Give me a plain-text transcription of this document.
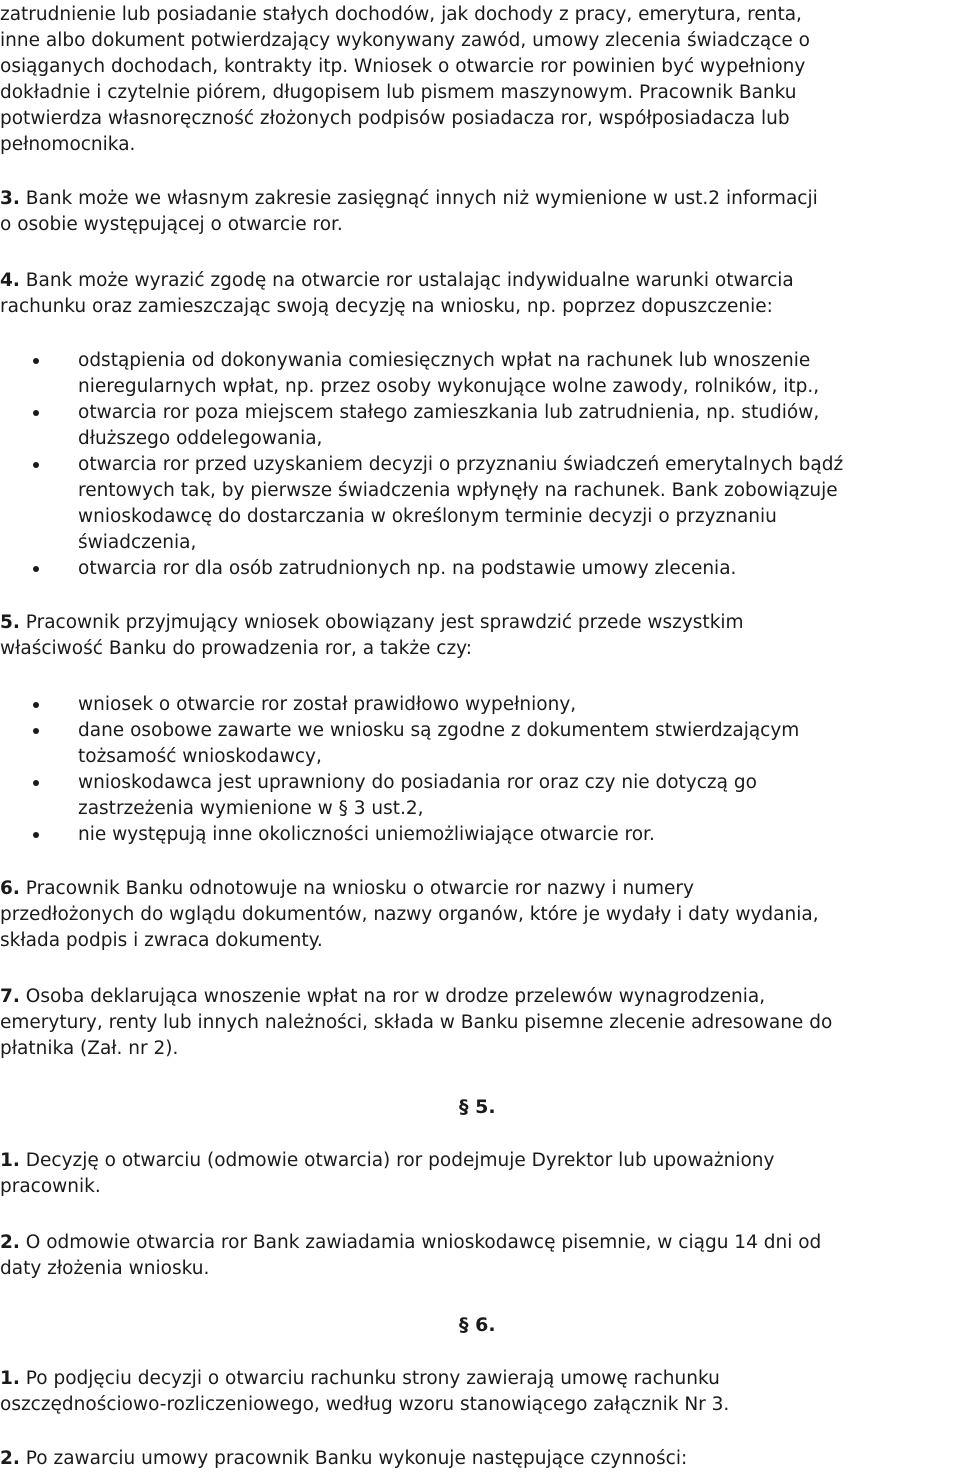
zatrudnienie lub posiadanie stałych dochodów, jak dochody z pracy, emerytura, renta,

inne albo dokument potwierdzający wykonywany zawód, umowy zlecenia świadczące o

osiąganych dochodach, kontrakty itp. Wniosek o otwarcie ror powinien być wypełniony

dokładnie i czytelnie piórem, długopisem lub pismem maszynowym. Pracownik Banku

potwierdza własnoręczność złożonych podpisów posiadacza ror, współposiadacza lub

pełnomocnika.

3. Bank może we własnym zakresie zasięgnąć innych niż wymienione w ust.2 informacji

o osobie występującej o otwarcie ror.

4. Bank może wyrazić zgodę na otwarcie ror ustalając indywidualne warunki otwarcia

rachunku oraz zamieszczając swoją decyzję na wniosku, np. poprzez dopuszczenie:

odstąpienia od dokonywania comiesięcznych wpłat na rachunek lub wnoszenie

nieregularnych wpłat, np. przez osoby wykonujące wolne zawody, rolników, itp.,

otwarcia ror poza miejscem stałego zamieszkania lub zatrudnienia, np. studiów,

dłuższego oddelegowania,

otwarcia ror przed uzyskaniem decyzji o przyznaniu świadczeń emerytalnych bądź

rentowych tak, by pierwsze świadczenia wpłynęły na rachunek. Bank zobowiązuje

wnioskodawcę do dostarczania w określonym terminie decyzji o przyznaniu

świadczenia,

otwarcia ror dla osób zatrudnionych np. na podstawie umowy zlecenia.

5. Pracownik przyjmujący wniosek obowiązany jest sprawdzić przede wszystkim

właściwość Banku do prowadzenia ror, a także czy:

wniosek o otwarcie ror został prawidłowo wypełniony,

dane osobowe zawarte we wniosku są zgodne z dokumentem stwierdzającym

tożsamość wnioskodawcy,

wnioskodawca jest uprawniony do posiadania ror oraz czy nie dotyczą go

zastrzeżenia wymienione w § 3 ust.2,

nie występują inne okoliczności uniemożliwiające otwarcie ror.

6. Pracownik Banku odnotowuje na wniosku o otwarcie ror nazwy i numery

przedłożonych do wglądu dokumentów, nazwy organów, które je wydały i daty wydania,

składa podpis i zwraca dokumenty.

7. Osoba deklarująca wnoszenie wpłat na ror w drodze przelewów wynagrodzenia,

emerytury, renty lub innych należności, składa w Banku pisemne zlecenie adresowane do

płatnika (Zał. nr 2).

§ 5.

1. Decyzję o otwarciu (odmowie otwarcia) ror podejmuje Dyrektor lub upoważniony

pracownik.

2. O odmowie otwarcia ror Bank zawiadamia wnioskodawcę pisemnie, w ciągu 14 dni od

daty złożenia wniosku.

§ 6.

1. Po podjęciu decyzji o otwarciu rachunku strony zawierają umowę rachunku

oszczędnościowo-rozliczeniowego, według wzoru stanowiącego załącznik Nr 3.

2. Po zawarciu umowy pracownik Banku wykonuje następujące czynności:
